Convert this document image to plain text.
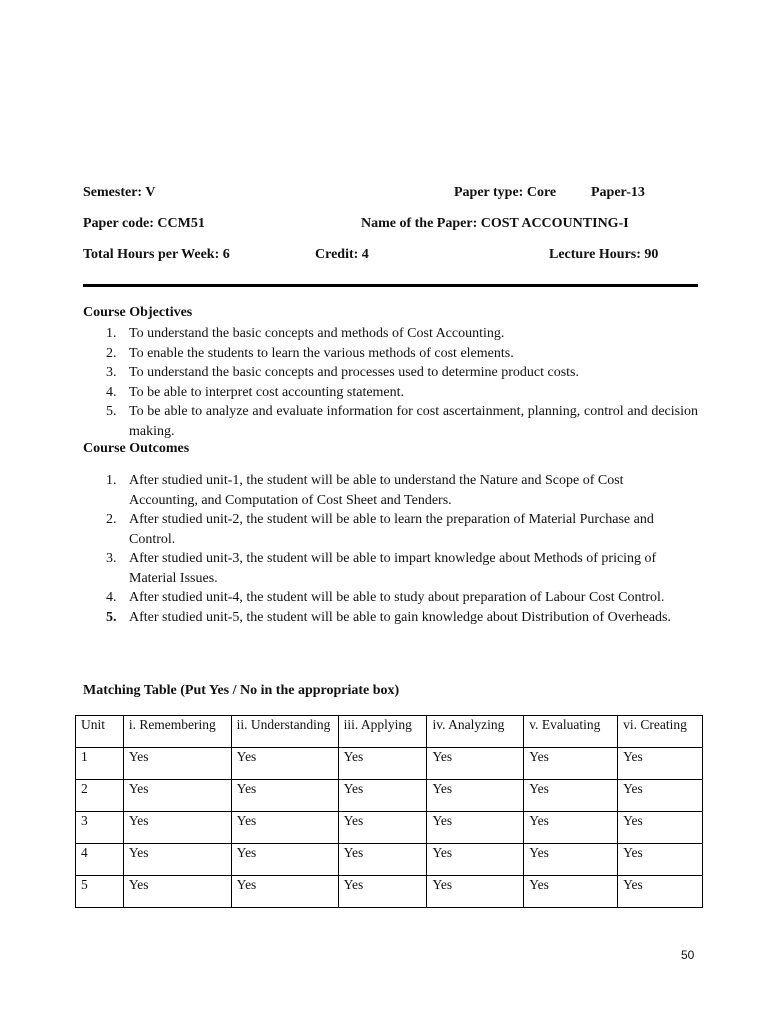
Semester: V	Paper type: Core Paper-13
Paper code: CCM51	Name of the Paper: COST ACCOUNTING-I
Total Hours per Week: 6	Credit: 4	Lecture Hours: 90
Course Objectives
1. To understand the basic concepts and methods of Cost Accounting.
2. To enable the students to learn the various methods of cost elements.
3. To understand the basic concepts and processes used to determine product costs.
4. To be able to interpret cost accounting statement.
5. To be able to analyze and evaluate information for cost ascertainment, planning, control and decision making.
Course Outcomes
1. After studied unit-1, the student will be able to understand the Nature and Scope of Cost Accounting, and Computation of Cost Sheet and Tenders.
2. After studied unit-2, the student will be able to learn the preparation of Material Purchase and Control.
3. After studied unit-3, the student will be able to impart knowledge about Methods of pricing of Material Issues.
4. After studied unit-4, the student will be able to study about preparation of Labour Cost Control.
5. After studied unit-5, the student will be able to gain knowledge about Distribution of Overheads.
Matching Table (Put Yes / No in the appropriate box)
Unit	i. Remembering	ii. Understanding	iii. Applying	iv. Analyzing	v. Evaluating	vi. Creating
1	Yes	Yes	Yes	Yes	Yes	Yes
2	Yes	Yes	Yes	Yes	Yes	Yes
3	Yes	Yes	Yes	Yes	Yes	Yes
4	Yes	Yes	Yes	Yes	Yes	Yes
5	Yes	Yes	Yes	Yes	Yes	Yes
50
